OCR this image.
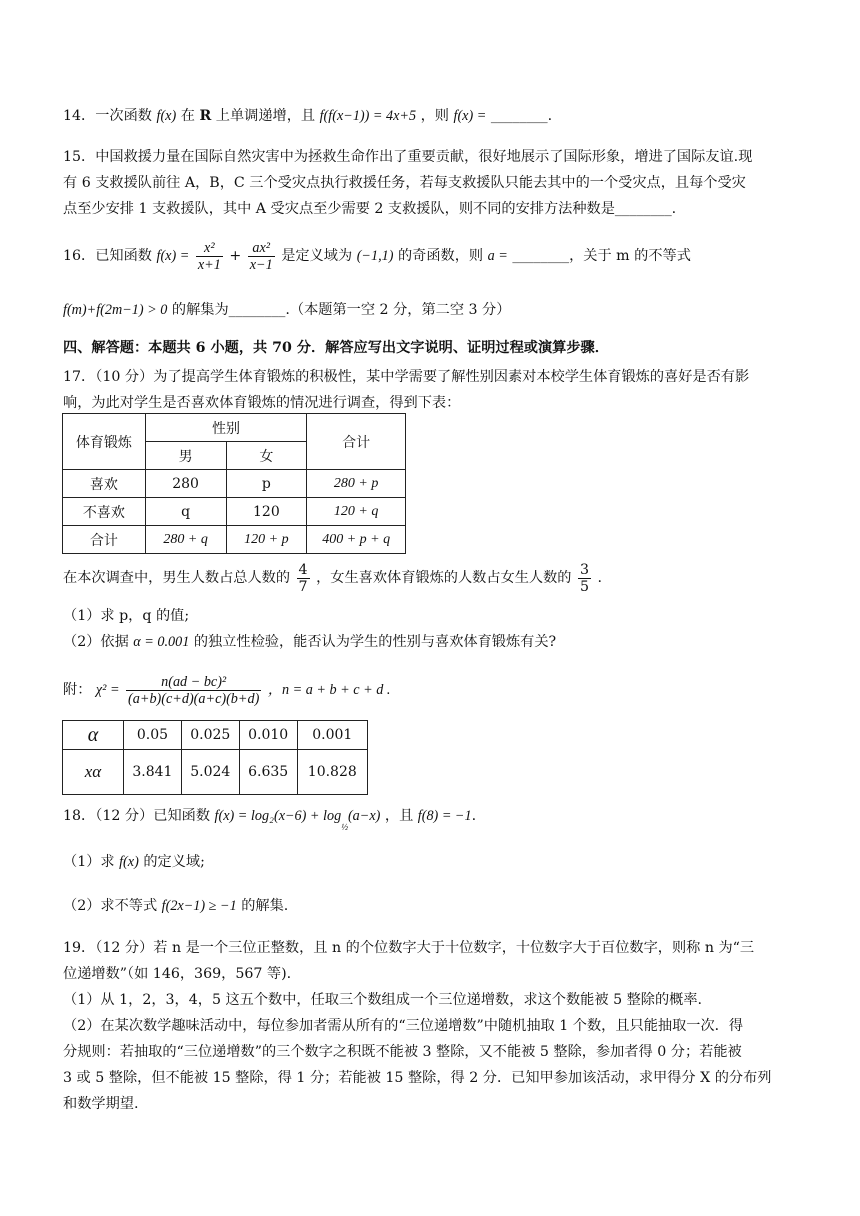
14．一次函数 f(x) 在 R 上单调递增，且 f(f(x−1)) = 4x+5 ，则 f(x) = ________.
15．中国救援力量在国际自然灾害中为拯救生命作出了重要贡献，很好地展示了国际形象，增进了国际友谊.现
有 6 支救援队前往 A，B，C 三个受灾点执行救援任务，若每支救援队只能去其中的一个受灾点，且每个受灾
点至少安排 1 支救援队，其中 A 受灾点至少需要 2 支救援队，则不同的安排方法种数是________.
16．已知函数 $f(x) = \frac{\text{x²}}{x+1} + \frac{\text{ax²}}{x-1}$ 是定义域为 (−1,1) 的奇函数，则 a = ________，关于 m 的不等式
f(m)+f(2m−1) > 0 的解集为________.（本题第一空 2 分，第二空 3 分）
四、解答题：本题共 6 小题，共 70 分．解答应写出文字说明、证明过程或演算步骤．
17．（10 分）为了提高学生体育锻炼的积极性，某中学需要了解性别因素对本校学生体育锻炼的喜好是否有影
响，为此对学生是否喜欢体育锻炼的情况进行调查，得到下表：
体育锻炼	性别		合计
	男	女	
喜欢	280	p	280 + p
不喜欢	q	120	120 + q
合计	280 + q	120 + p	400 + p + q
在本次调查中，男生人数占总人数的 $\frac{4}{7}$ ，女生喜欢体育锻炼的人数占女生人数的 $\frac{3}{5}$ .
（1）求 p，q 的值;
（2）依据 α = 0.001 的独立性检验，能否认为学生的性别与喜欢体育锻炼有关?
附： $\chi^2 = \frac{\text{n(ad − bc)²}}{(a+b)(c+d)(a+c)(b+d)}$ ，n = a + b + c + d .
α	0.05	0.025	0.010	0.001
xα	3.841	5.024	6.635	10.828
18．（12 分）已知函数 $f(x) = \log_2(x-6) + \log_{\frac{1}{2}}(a-x)$ ，且 f(8) = −1.
（1）求 f(x) 的定义域;
（2）求不等式 f(2x−1) ≥ −1 的解集.
19．（12 分）若 n 是一个三位正整数，且 n 的个位数字大于十位数字，十位数字大于百位数字，则称 n 为“三
位递增数”（如 146，369，567 等).
（1）从 1，2，3，4，5 这五个数中，任取三个数组成一个三位递增数，求这个数能被 5 整除的概率.
（2）在某次数学趣味活动中，每位参加者需从所有的“三位递增数”中随机抽取 1 个数，且只能抽取一次．得
分规则：若抽取的“三位递增数”的三个数字之积既不能被 3 整除，又不能被 5 整除，参加者得 0 分；若能被
3 或 5 整除，但不能被 15 整除，得 1 分；若能被 15 整除，得 2 分．已知甲参加该活动，求甲得分 X 的分布列
和数学期望.
